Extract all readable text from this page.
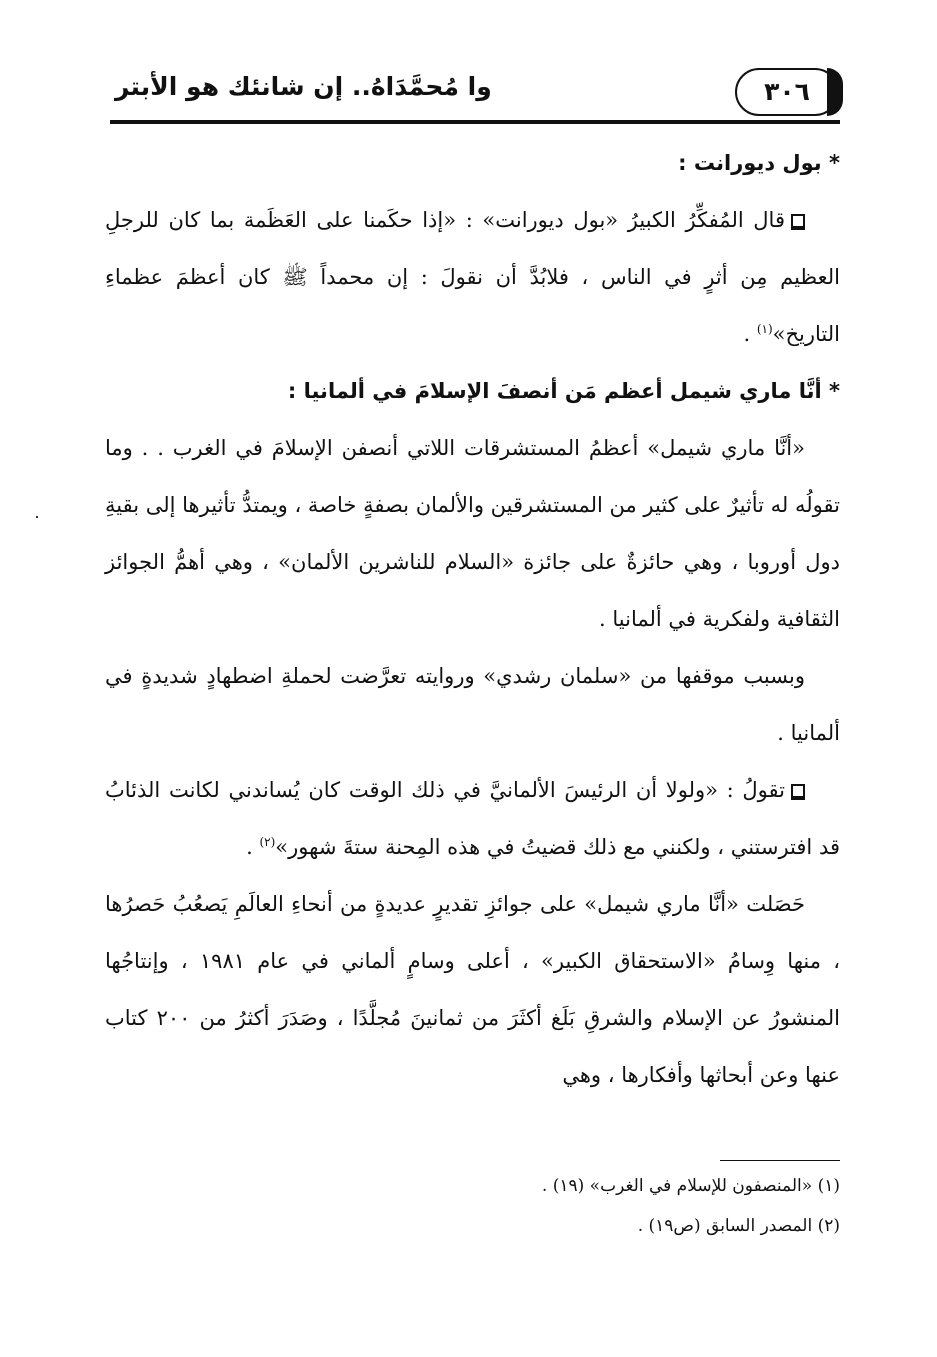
وا مُحمَّدَاهُ.. إن شانئك هو الأبتر	٣٠٦

* بول ديورانت :

قال المُفكِّرُ الكبيرُ «بول ديورانت» : «إذا حكَمنا على العَظَمة بما كان للرجلِ العظيم مِن أثرٍ في الناس ، فلابُدَّ أن نقولَ : إن محمداً ﷺ كان أعظمَ عظماءِ التاريخ»$^{(١)}$ .

* أنَّا ماري شيمل أعظم مَن أنصفَ الإسلامَ في ألمانيا :

«أنَّا ماري شيمل» أعظمُ المستشرقات اللاتي أنصفن الإسلامَ في الغرب . . وما تقولُه له تأثيرٌ على كثير من المستشرقين والألمان بصفةٍ خاصة ، ويمتدُّ تأثيرها إلى بقيةِ دول أوروبا ، وهي حائزةٌ على جائزة «السلام للناشرين الألمان» ، وهي أهمُّ الجوائز الثقافية ولفكرية في ألمانيا .

وبسبب موقفها من «سلمان رشدي» وروايته تعرَّضت لحملةِ اضطهادٍ شديدةٍ في ألمانيا .

تقولُ : «ولولا أن الرئيسَ الألمانيَّ في ذلك الوقت كان يُساندني لكانت الذئابُ قد افترستني ، ولكنني مع ذلك قضيتُ في هذه المِحنة ستةَ شهور»$^{(٢)}$ .

حَصَلت «أنَّا ماري شيمل» على جوائزِ تقديرٍ عديدةٍ من أنحاءِ العالَمِ يَصعُبُ حَصرُها ، منها وِسامُ «الاستحقاق الكبير» ، أعلى وسامٍ ألماني في عام ١٩٨١ ، وإنتاجُها المنشورُ عن الإسلام والشرقِ بَلَغ أكثَرَ من ثمانينَ مُجلَّدًا ، وصَدَرَ أكثرُ من ٢٠٠ كتاب عنها وعن أبحاثها وأفكارها ، وهي

(١) «المنصفون للإسلام في الغرب» (١٩) .

(٢) المصدر السابق (ص١٩) .
